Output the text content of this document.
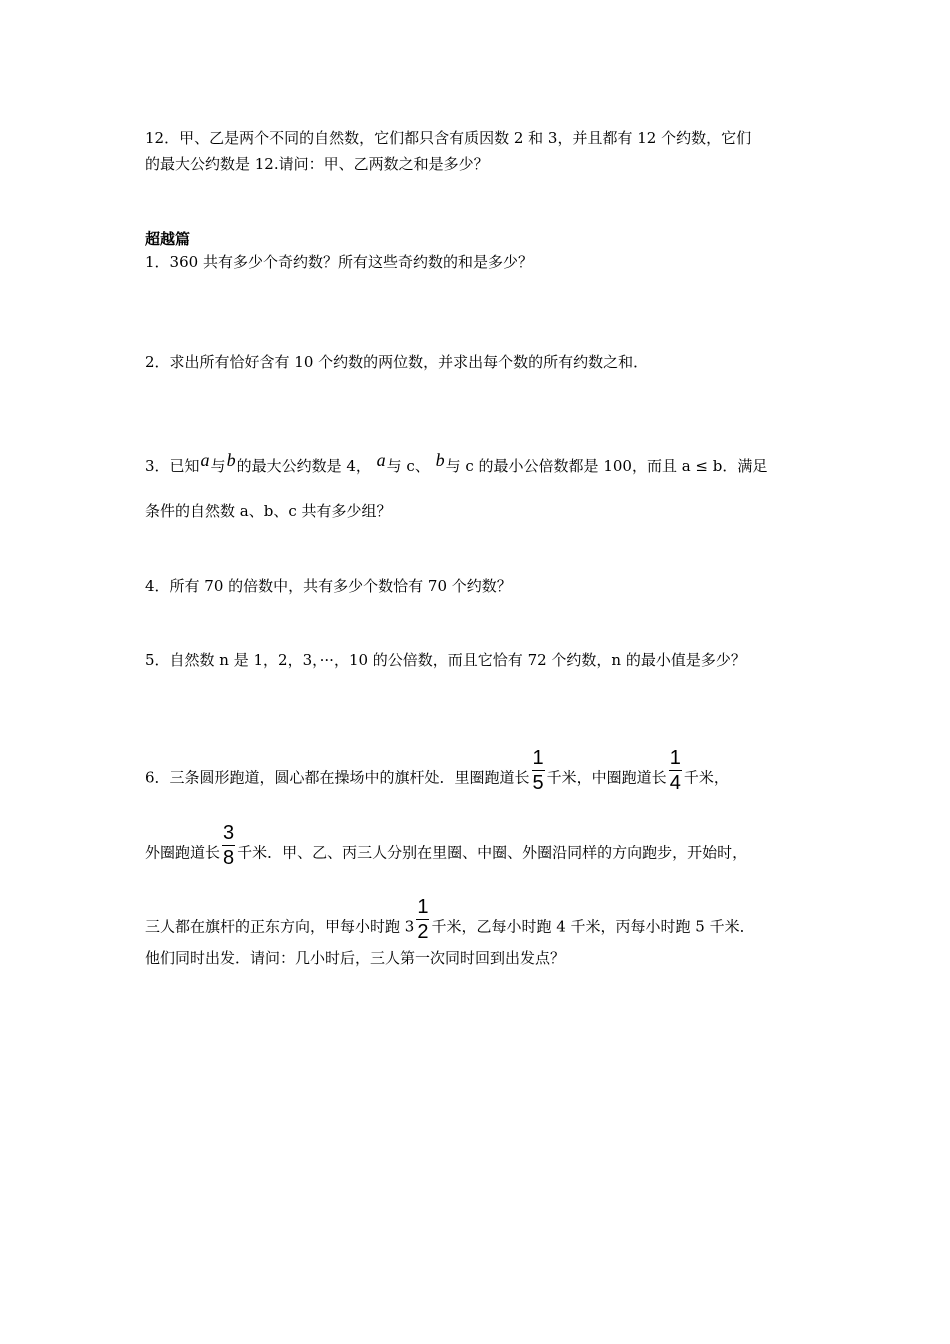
12．甲、乙是两个不同的自然数，它们都只含有质因数 2 和 3，并且都有 12 个约数，它们
的最大公约数是 12.请问：甲、乙两数之和是多少？
超越篇
1．360 共有多少个奇约数？所有这些奇约数的和是多少？
2．求出所有恰好含有 10 个约数的两位数，并求出每个数的所有约数之和．
3．已知a与b的最大公约数是 4， a与 c、 b与 c 的最小公倍数都是 100，而且 a ≤ b．满足
条件的自然数 a、b、c 共有多少组？
4．所有 70 的倍数中，共有多少个数恰有 70 个约数？
5．自然数 n 是 1，2，3，···，10 的公倍数，而且它恰有 72 个约数，n 的最小值是多少？
6．三条圆形跑道，圆心都在操场中的旗杆处．里圈跑道长 $\frac{1}{5}$ 千米，中圈跑道长 $\frac{1}{4}$ 千米，
外圈跑道长 $\frac{3}{8}$ 千米．甲、乙、丙三人分别在里圈、中圈、外圈沿同样的方向跑步，开始时，
三人都在旗杆的正东方向，甲每小时跑 $3 \frac{1}{2}$ 千米，乙每小时跑 4 千米，丙每小时跑 5 千米．
他们同时出发．请问：几小时后，三人第一次同时回到出发点？
